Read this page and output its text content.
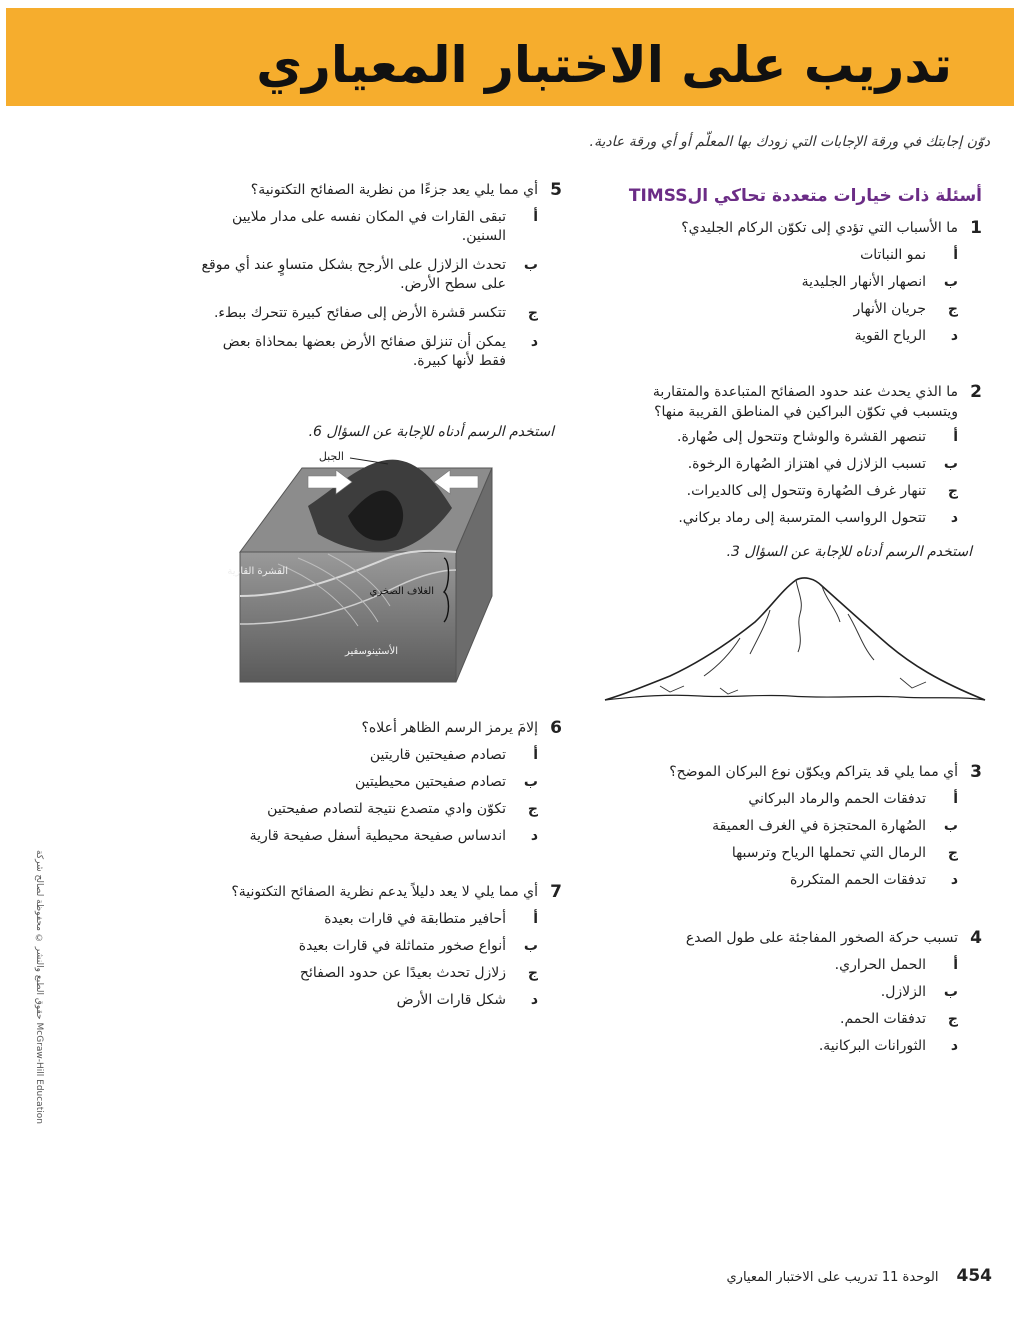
تدريب على الاختبار المعياري
دوّن إجابتك في ورقة الإجابات التي زودك بها المعلّم أو أي ورقة عادية.
أسئلة ذات خيارات متعددة تحاكي الTIMSS
1
ما الأسباب التي تؤدي إلى تكوّن الركام الجليدي؟
أ
نمو النباتات
ب
انصهار الأنهار الجليدية
ج
جريان الأنهار
د
الرياح القوية
2
ما الذي يحدث عند حدود الصفائح المتباعدة والمتقاربة ويتسبب في تكوّن البراكين في المناطق القريبة منها؟
أ
تنصهر القشرة والوشاح وتتحول إلى صُهارة.
ب
تسبب الزلازل في اهتزاز الصُهارة الرخوة.
ج
تنهار غرف الصُهارة وتتحول إلى كالديرات.
د
تتحول الرواسب المترسبة إلى رماد بركاني.
استخدم الرسم أدناه للإجابة عن السؤال 3.
3
أي مما يلي قد يتراكم ويكوّن نوع البركان الموضح؟
أ
تدفقات الحمم والرماد البركاني
ب
الصُهارة المحتجزة في الغرف العميقة
ج
الرمال التي تحملها الرياح وترسبها
د
تدفقات الحمم المتكررة
4
تسبب حركة الصخور المفاجئة على طول الصدع
أ
الحمل الحراري.
ب
الزلازل.
ج
تدفقات الحمم.
د
الثورانات البركانية.
5
أي مما يلي يعد جزءًا من نظرية الصفائح التكتونية؟
أ
تبقى القارات في المكان نفسه على مدار ملايين السنين.
ب
تحدث الزلازل على الأرجح بشكل متساوٍ عند أي موقع على سطح الأرض.
ج
تتكسر قشرة الأرض إلى صفائح كبيرة تتحرك ببطء.
د
يمكن أن تنزلق صفائح الأرض بعضها بمحاذاة بعض فقط لأنها كبيرة.
استخدم الرسم أدناه للإجابة عن السؤال 6.
الجبل
القشرة القارية
الغلاف الصخري
الأسثينوسفير
6
إلامَ يرمز الرسم الظاهر أعلاه؟
أ
تصادم صفيحتين قاريتين
ب
تصادم صفيحتين محيطيتين
ج
تكوّن وادي متصدع نتيجة لتصادم صفيحتين
د
اندساس صفيحة محيطية أسفل صفيحة قارية
7
أي مما يلي لا يعد دليلاً يدعم نظرية الصفائح التكتونية؟
أ
أحافير متطابقة في قارات بعيدة
ب
أنواع صخور متماثلة في قارات بعيدة
ج
زلازل تحدث بعيدًا عن حدود الصفائح
د
شكل قارات الأرض
حقوق الطبع والنشر © محفوظة لصالح شركة McGraw-Hill Education
454الوحدة 11 تدريب على الاختبار المعياري
